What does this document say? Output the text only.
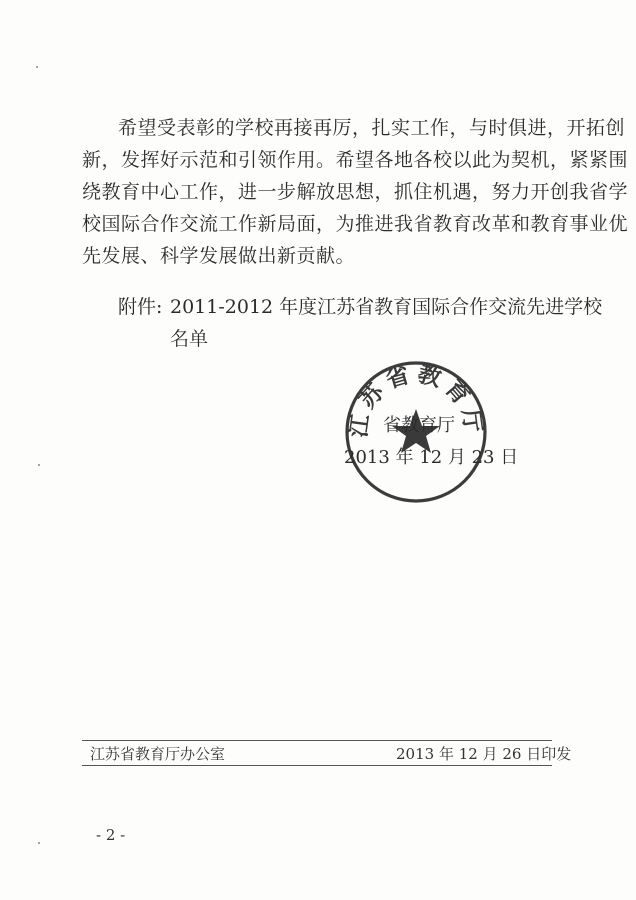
希望受表彰的学校再接再厉，扎实工作，与时俱进，开拓创
新，发挥好示范和引领作用。希望各地各校以此为契机，紧紧围
绕教育中心工作，进一步解放思想，抓住机遇，努力开创我省学
校国际合作交流工作新局面，为推进我省教育改革和教育事业优
先发展、科学发展做出新贡献。
附件: 2011-2012 年度江苏省教育国际合作交流先进学校
名单
江苏省教育厅
省教育厅
2013 年 12 月 23 日
江苏省教育厅办公室	2013 年 12 月 26 日印发
- 2 -
